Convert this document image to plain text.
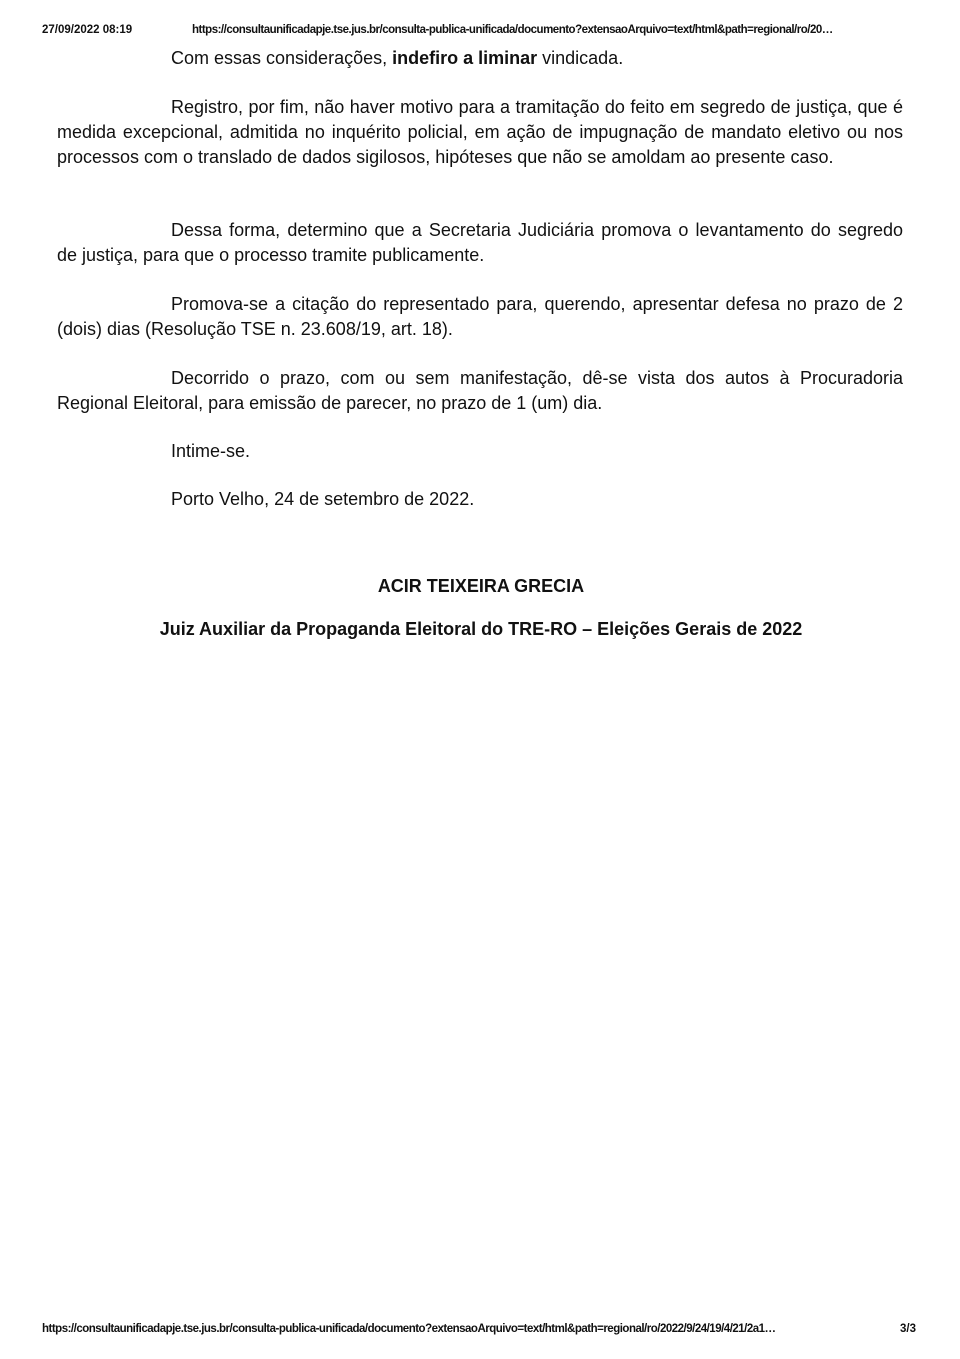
27/09/2022 08:19	https://consultaunificadapje.tse.jus.br/consulta-publica-unificada/documento?extensaoArquivo=text/html&path=regional/ro/20…

Com essas considerações, indefiro a liminar vindicada.

Registro, por fim, não haver motivo para a tramitação do feito em segredo de justiça, que é medida excepcional, admitida no inquérito policial, em ação de impugnação de mandato eletivo ou nos processos com o translado de dados sigilosos, hipóteses que não se amoldam ao presente caso.

Dessa forma, determino que a Secretaria Judiciária promova o levantamento do segredo de justiça, para que o processo tramite publicamente.

Promova-se a citação do representado para, querendo, apresentar defesa no prazo de 2 (dois) dias (Resolução TSE n. 23.608/19, art. 18).

Decorrido o prazo, com ou sem manifestação, dê-se vista dos autos à Procuradoria Regional Eleitoral, para emissão de parecer, no prazo de 1 (um) dia.

Intime-se.

Porto Velho, 24 de setembro de 2022.

ACIR TEIXEIRA GRECIA

Juiz Auxiliar da Propaganda Eleitoral do TRE-RO – Eleições Gerais de 2022

https://consultaunificadapje.tse.jus.br/consulta-publica-unificada/documento?extensaoArquivo=text/html&path=regional/ro/2022/9/24/19/4/21/2a1…	3/3
